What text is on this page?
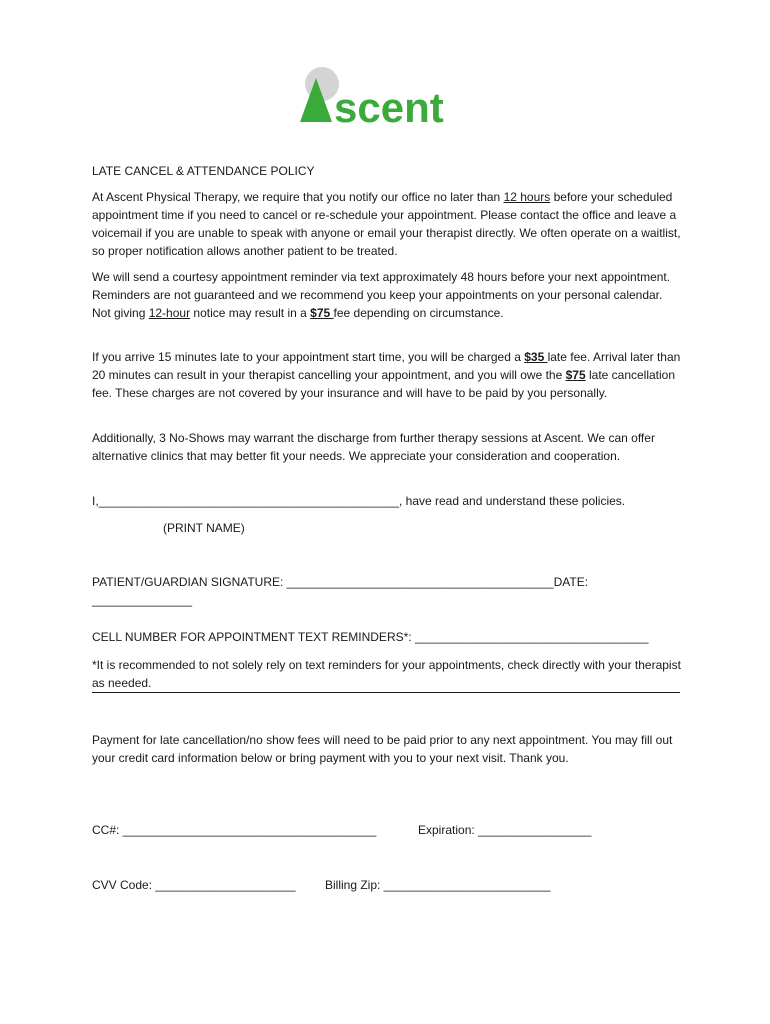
scent
LATE CANCEL & ATTENDANCE POLICY

At Ascent Physical Therapy, we require that you notify our office no later than 12 hours before your scheduled appointment time if you need to cancel or re-schedule your appointment. Please contact the office and leave a voicemail if you are unable to speak with anyone or email your therapist directly. We often operate on a waitlist, so proper notification allows another patient to be treated.

We will send a courtesy appointment reminder via text approximately 48 hours before your next appointment. Reminders are not guaranteed and we recommend you keep your appointments on your personal calendar. Not giving 12-hour notice may result in a $75 fee depending on circumstance.

If you arrive 15 minutes late to your appointment start time, you will be charged a $35 late fee. Arrival later than 20 minutes can result in your therapist cancelling your appointment, and you will owe the $75 late cancellation fee. These charges are not covered by your insurance and will have to be paid by you personally.

Additionally, 3 No-Shows may warrant the discharge from further therapy sessions at Ascent. We can offer alternative clinics that may better fit your needs. We appreciate your consideration and cooperation.

I,_____________________________________________, have read and understand these policies.
(PRINT NAME)
PATIENT/GUARDIAN SIGNATURE: ________________________________________DATE: _______________
CELL NUMBER FOR APPOINTMENT TEXT REMINDERS*: ___________________________________

*It is recommended to not solely rely on text reminders for your appointments, check directly with your therapist as needed.

Payment for late cancellation/no show fees will need to be paid prior to any next appointment. You may fill out your credit card information below or bring payment with you to your next visit. Thank you.

CC#: ______________________________________	Expiration: _________________
CVV Code: _____________________ Billing Zip: _________________________
